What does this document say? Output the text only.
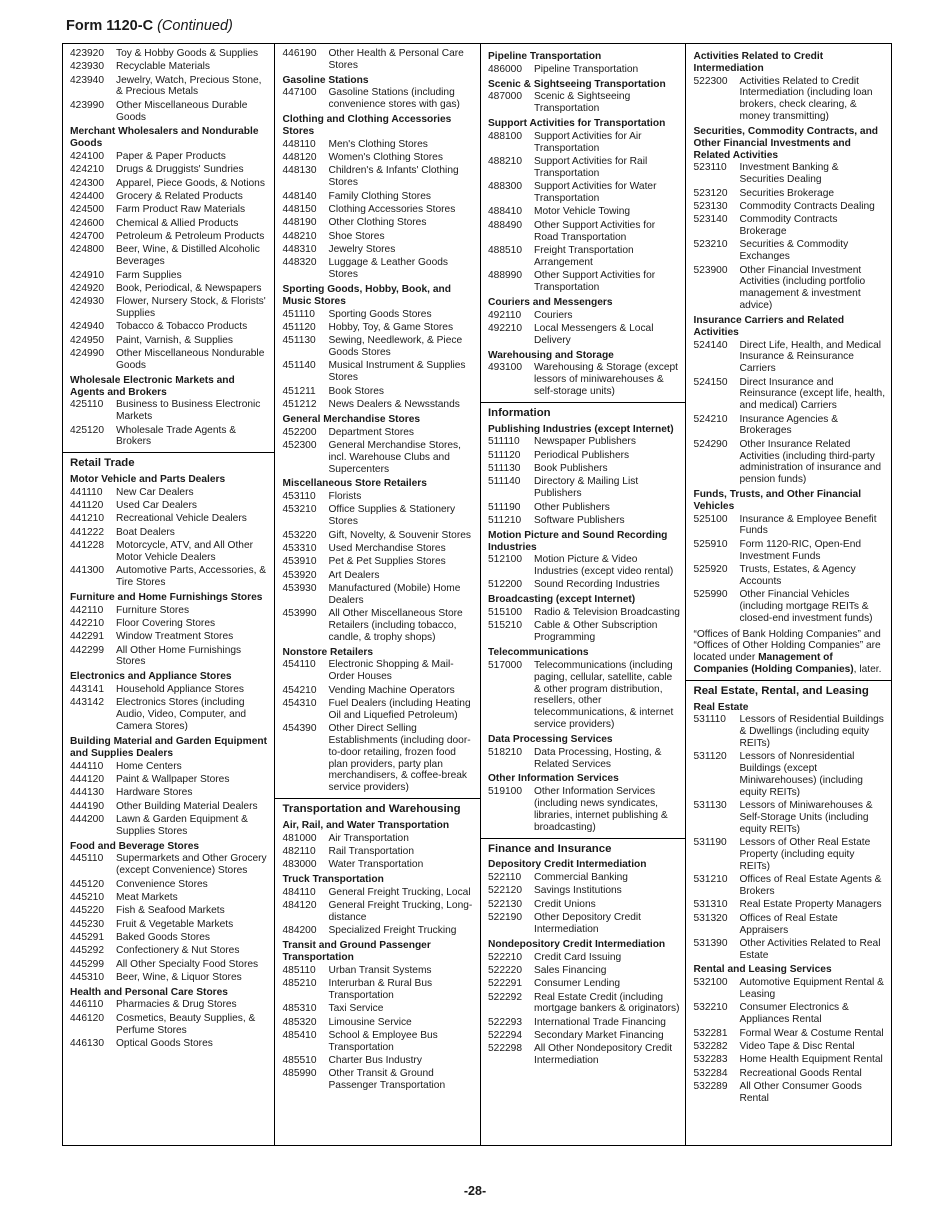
Form 1120-C (Continued)
423920	Toy & Hobby Goods & Supplies
423930	Recyclable Materials
423940	Jewelry, Watch, Precious Stone, & Precious Metals
423990	Other Miscellaneous Durable Goods
Merchant Wholesalers and Nondurable Goods
424100	Paper & Paper Products
424210	Drugs & Druggists' Sundries
424300	Apparel, Piece Goods, & Notions
424400	Grocery & Related Products
424500	Farm Product Raw Materials
424600	Chemical & Allied Products
424700	Petroleum & Petroleum Products
424800	Beer, Wine, & Distilled Alcoholic Beverages
424910	Farm Supplies
424920	Book, Periodical, & Newspapers
424930	Flower, Nursery Stock, & Florists' Supplies
424940	Tobacco & Tobacco Products
424950	Paint, Varnish, & Supplies
424990	Other Miscellaneous Nondurable Goods
Wholesale Electronic Markets and Agents and Brokers
425110	Business to Business Electronic Markets
425120	Wholesale Trade Agents & Brokers
Retail Trade
Motor Vehicle and Parts Dealers
441110	New Car Dealers
441120	Used Car Dealers
441210	Recreational Vehicle Dealers
441222	Boat Dealers
441228	Motorcycle, ATV, and All Other Motor Vehicle Dealers
441300	Automotive Parts, Accessories, & Tire Stores
Furniture and Home Furnishings Stores
442110	Furniture Stores
442210	Floor Covering Stores
442291	Window Treatment Stores
442299	All Other Home Furnishings Stores
Electronics and Appliance Stores
443141	Household Appliance Stores
443142	Electronics Stores (including Audio, Video, Computer, and Camera Stores)
Building Material and Garden Equipment and Supplies Dealers
444110	Home Centers
444120	Paint & Wallpaper Stores
444130	Hardware Stores
444190	Other Building Material Dealers
444200	Lawn & Garden Equipment & Supplies Stores
Food and Beverage Stores
445110	Supermarkets and Other Grocery (except Convenience) Stores
445120	Convenience Stores
445210	Meat Markets
445220	Fish & Seafood Markets
445230	Fruit & Vegetable Markets
445291	Baked Goods Stores
445292	Confectionery & Nut Stores
445299	All Other Specialty Food Stores
445310	Beer, Wine, & Liquor Stores
Health and Personal Care Stores
446110	Pharmacies & Drug Stores
446120	Cosmetics, Beauty Supplies, & Perfume Stores
446130	Optical Goods Stores
446190	Other Health & Personal Care Stores
Gasoline Stations
447100	Gasoline Stations (including convenience stores with gas)
Clothing and Clothing Accessories Stores
448110	Men's Clothing Stores
448120	Women's Clothing Stores
448130	Children's & Infants' Clothing Stores
448140	Family Clothing Stores
448150	Clothing Accessories Stores
448190	Other Clothing Stores
448210	Shoe Stores
448310	Jewelry Stores
448320	Luggage & Leather Goods Stores
Sporting Goods, Hobby, Book, and Music Stores
451110	Sporting Goods Stores
451120	Hobby, Toy, & Game Stores
451130	Sewing, Needlework, & Piece Goods Stores
451140	Musical Instrument & Supplies Stores
451211	Book Stores
451212	News Dealers & Newsstands
General Merchandise Stores
452200	Department Stores
452300	General Merchandise Stores, incl. Warehouse Clubs and Supercenters
Miscellaneous Store Retailers
453110	Florists
453210	Office Supplies & Stationery Stores
453220	Gift, Novelty, & Souvenir Stores
453310	Used Merchandise Stores
453910	Pet & Pet Supplies Stores
453920	Art Dealers
453930	Manufactured (Mobile) Home Dealers
453990	All Other Miscellaneous Store Retailers (including tobacco, candle, & trophy shops)
Nonstore Retailers
454110	Electronic Shopping & Mail-Order Houses
454210	Vending Machine Operators
454310	Fuel Dealers (including Heating Oil and Liquefied Petroleum)
454390	Other Direct Selling Establishments (including door-to-door retailing, frozen food plan providers, party plan merchandisers, & coffee-break service providers)
Transportation and Warehousing
Air, Rail, and Water Transportation
481000	Air Transportation
482110	Rail Transportation
483000	Water Transportation
Truck Transportation
484110	General Freight Trucking, Local
484120	General Freight Trucking, Long-distance
484200	Specialized Freight Trucking
Transit and Ground Passenger Transportation
485110	Urban Transit Systems
485210	Interurban & Rural Bus Transportation
485310	Taxi Service
485320	Limousine Service
485410	School & Employee Bus Transportation
485510	Charter Bus Industry
485990	Other Transit & Ground Passenger Transportation
Pipeline Transportation
486000	Pipeline Transportation
Scenic & Sightseeing Transportation
487000	Scenic & Sightseeing Transportation
Support Activities for Transportation
488100	Support Activities for Air Transportation
488210	Support Activities for Rail Transportation
488300	Support Activities for Water Transportation
488410	Motor Vehicle Towing
488490	Other Support Activities for Road Transportation
488510	Freight Transportation Arrangement
488990	Other Support Activities for Transportation
Couriers and Messengers
492110	Couriers
492210	Local Messengers & Local Delivery
Warehousing and Storage
493100	Warehousing & Storage (except lessors of miniwarehouses & self-storage units)
Information
Publishing Industries (except Internet)
511110	Newspaper Publishers
511120	Periodical Publishers
511130	Book Publishers
511140	Directory & Mailing List Publishers
511190	Other Publishers
511210	Software Publishers
Motion Picture and Sound Recording Industries
512100	Motion Picture & Video Industries (except video rental)
512200	Sound Recording Industries
Broadcasting (except Internet)
515100	Radio & Television Broadcasting
515210	Cable & Other Subscription Programming
Telecommunications
517000	Telecommunications (including paging, cellular, satellite, cable & other program distribution, resellers, other telecommunications, & internet service providers)
Data Processing Services
518210	Data Processing, Hosting, & Related Services
Other Information Services
519100	Other Information Services (including news syndicates, libraries, internet publishing & broadcasting)
Finance and Insurance
Depository Credit Intermediation
522110	Commercial Banking
522120	Savings Institutions
522130	Credit Unions
522190	Other Depository Credit Intermediation
Nondepository Credit Intermediation
522210	Credit Card Issuing
522220	Sales Financing
522291	Consumer Lending
522292	Real Estate Credit (including mortgage bankers & originators)
522293	International Trade Financing
522294	Secondary Market Financing
522298	All Other Nondepository Credit Intermediation
Activities Related to Credit Intermediation
522300	Activities Related to Credit Intermediation (including loan brokers, check clearing, & money transmitting)
Securities, Commodity Contracts, and Other Financial Investments and Related Activities
523110	Investment Banking & Securities Dealing
523120	Securities Brokerage
523130	Commodity Contracts Dealing
523140	Commodity Contracts Brokerage
523210	Securities & Commodity Exchanges
523900	Other Financial Investment Activities (including portfolio management & investment advice)
Insurance Carriers and Related Activities
524140	Direct Life, Health, and Medical Insurance & Reinsurance Carriers
524150	Direct Insurance and Reinsurance (except life, health, and medical) Carriers
524210	Insurance Agencies & Brokerages
524290	Other Insurance Related Activities (including third-party administration of insurance and pension funds)
Funds, Trusts, and Other Financial Vehicles
525100	Insurance & Employee Benefit Funds
525910	Form 1120-RIC, Open-End Investment Funds
525920	Trusts, Estates, & Agency Accounts
525990	Other Financial Vehicles (including mortgage REITs & closed-end investment funds)
“Offices of Bank Holding Companies” and “Offices of Other Holding Companies” are located under Management of Companies (Holding Companies), later.
Real Estate, Rental, and Leasing
Real Estate
531110	Lessors of Residential Buildings & Dwellings (including equity REITs)
531120	Lessors of Nonresidential Buildings (except Miniwarehouses) (including equity REITs)
531130	Lessors of Miniwarehouses & Self-Storage Units (including equity REITs)
531190	Lessors of Other Real Estate Property (including equity REITs)
531210	Offices of Real Estate Agents & Brokers
531310	Real Estate Property Managers
531320	Offices of Real Estate Appraisers
531390	Other Activities Related to Real Estate
Rental and Leasing Services
532100	Automotive Equipment Rental & Leasing
532210	Consumer Electronics & Appliances Rental
532281	Formal Wear & Costume Rental
532282	Video Tape & Disc Rental
532283	Home Health Equipment Rental
532284	Recreational Goods Rental
532289	All Other Consumer Goods Rental
-28-
